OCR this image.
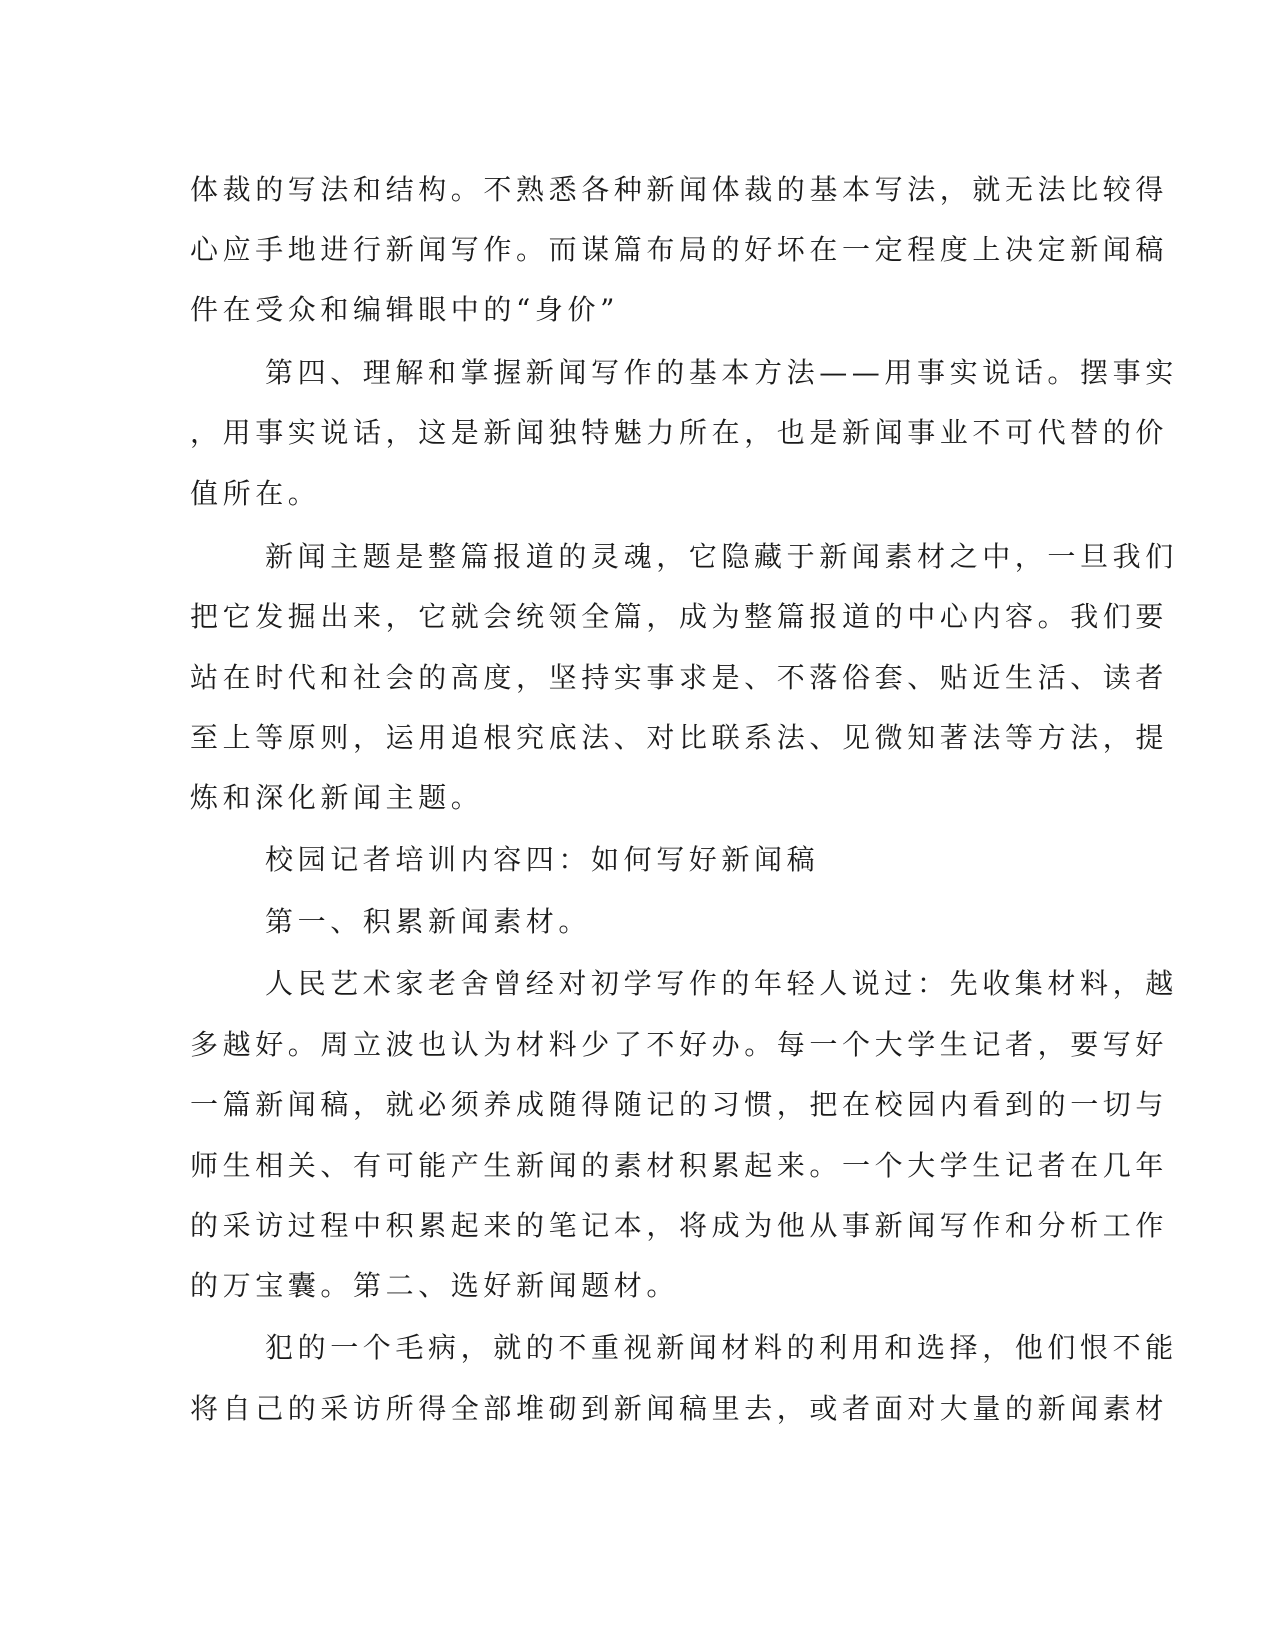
体裁的写法和结构。不熟悉各种新闻体裁的基本写法，就无法比较得

心应手地进行新闻写作。而谋篇布局的好坏在一定程度上决定新闻稿

件在受众和编辑眼中的“身价”

第四、理解和掌握新闻写作的基本方法——用事实说话。摆事实

，用事实说话，这是新闻独特魅力所在，也是新闻事业不可代替的价

值所在。

新闻主题是整篇报道的灵魂，它隐藏于新闻素材之中，一旦我们

把它发掘出来，它就会统领全篇，成为整篇报道的中心内容。我们要

站在时代和社会的高度，坚持实事求是、不落俗套、贴近生活、读者

至上等原则，运用追根究底法、对比联系法、见微知著法等方法，提

炼和深化新闻主题。

校园记者培训内容四：如何写好新闻稿

第一、积累新闻素材。

人民艺术家老舍曾经对初学写作的年轻人说过：先收集材料，越

多越好。周立波也认为材料少了不好办。每一个大学生记者，要写好

一篇新闻稿，就必须养成随得随记的习惯，把在校园内看到的一切与

师生相关、有可能产生新闻的素材积累起来。一个大学生记者在几年

的采访过程中积累起来的笔记本，将成为他从事新闻写作和分析工作

的万宝囊。第二、选好新闻题材。

犯的一个毛病，就的不重视新闻材料的利用和选择，他们恨不能

将自己的采访所得全部堆砌到新闻稿里去，或者面对大量的新闻素材
